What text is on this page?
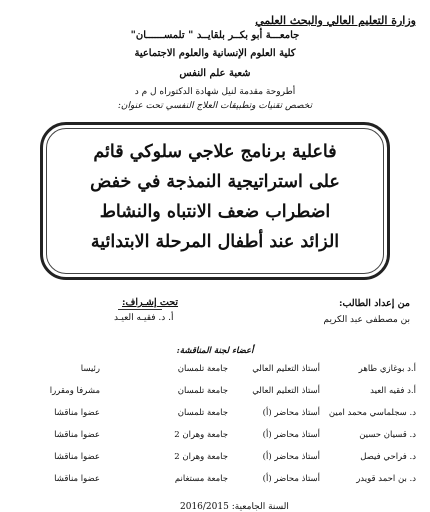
وزارة التعليم العالي والبحث العلمي
جامعـــة أبو بكــر بلقايــد " تلمســــــان"
كلية العلوم الإنسانية والعلوم الاجتماعية
شعبة علم النفس
أطروحة مقدمة لنيل شهادة الدكتوراه ل م د
تخصص تقنيات وتطبيقات العلاج النفسي تحت عنوان:
فاعلية برنامج علاجي سلوكي قائم
على استراتيجية النمذجة في خفض
اضطراب ضعف الانتباه والنشاط
الزائد عند أطفال المرحلة الابتدائية
من إعداد الطالب:
بن مصطفى عبد الكريم
تحت إشـراف:
أ. د. فقيـه العيـد
أعضاء لجنة المناقشة:
أ.د بوغازي طاهر
أستاذ التعليم العالي
جامعة تلمسان
رئيسا
أ.د فقيه العيد
أستاذ التعليم العالي
جامعة تلمسان
مشرفا ومقررا
د. سجلماسي محمد امين
أستاذ محاضر (أ)
جامعة تلمسان
عضوا مناقشا
د. قسيان حسين
أستاذ محاضر (أ)
جامعة وهران 2
عضوا مناقشا
د. فراحي فيصل
أستاذ محاضر (أ)
جامعة وهران 2
عضوا مناقشا
د. بن احمد قويدر
أستاذ محاضر (أ)
جامعة مستغانم
عضوا مناقشا
السنة الجامعية: 2016/2015
